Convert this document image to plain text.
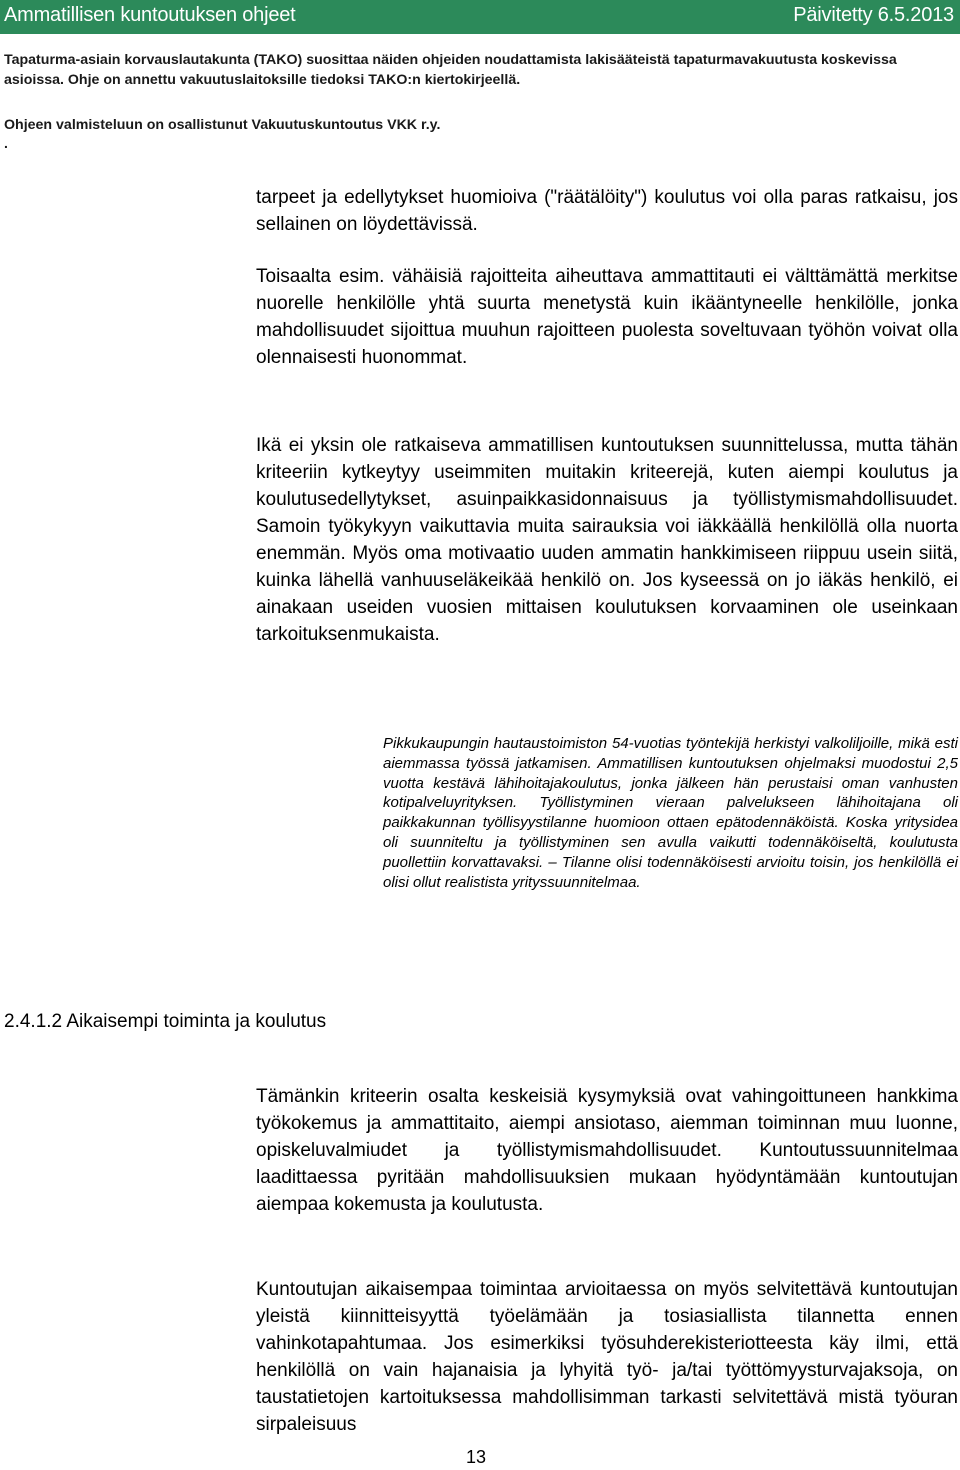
Ammatillisen kuntoutuksen ohjeet	Päivitetty 6.5.2013
Tapaturma-asiain korvauslautakunta (TAKO) suosittaa näiden ohjeiden noudattamista lakisääteistä tapaturmavakuutusta koskevissa asioissa. Ohje on annettu vakuutuslaitoksille tiedoksi TAKO:n kiertokirjeellä.
Ohjeen valmisteluun on osallistunut Vakuutuskuntoutus VKK r.y.
.
tarpeet ja edellytykset huomioiva ("räätälöity") koulutus voi olla paras ratkaisu, jos sellainen on löydettävissä.
Toisaalta esim. vähäisiä rajoitteita aiheuttava ammattitauti ei välttämättä merkitse nuorelle henkilölle yhtä suurta menetystä kuin ikääntyneelle henkilölle, jonka mahdollisuudet sijoittua muuhun rajoitteen puolesta soveltuvaan työhön voivat olla olennaisesti huonommat.
Ikä ei yksin ole ratkaiseva ammatillisen kuntoutuksen suunnittelussa, mutta tähän kriteeriin kytkeytyy useimmiten muitakin kriteerejä, kuten aiempi koulutus ja koulutusedellytykset, asuinpaikkasidonnaisuus ja työllistymismahdollisuudet. Samoin työkykyyn vaikuttavia muita sairauksia voi iäkkäällä henkilöllä olla nuorta enemmän. Myös oma motivaatio uuden ammatin hankkimiseen riippuu usein siitä, kuinka lähellä vanhuuseläkeikää henkilö on. Jos kyseessä on jo iäkäs henkilö, ei ainakaan useiden vuosien mittaisen koulutuksen korvaaminen ole useinkaan tarkoituksenmukaista.
Pikkukaupungin hautaustoimiston 54-vuotias työntekijä herkistyi valkoliljoille, mikä esti aiemmassa työssä jatkamisen. Ammatillisen kuntoutuksen ohjelmaksi muodostui 2,5 vuotta kestävä lähihoitajakoulutus, jonka jälkeen hän perustaisi oman vanhusten kotipalveluyrityksen. Työllistyminen vieraan palvelukseen lähihoitajana oli paikkakunnan työllisyystilanne huomioon ottaen epätodennäköistä. Koska yritysidea oli suunniteltu ja työllistyminen sen avulla vaikutti todennäköiseltä, koulutusta puollettiin korvattavaksi. – Tilanne olisi todennäköisesti arvioitu toisin, jos henkilöllä ei olisi ollut realistista yrityssuunnitelmaa.
2.4.1.2 Aikaisempi toiminta ja koulutus
Tämänkin kriteerin osalta keskeisiä kysymyksiä ovat vahingoittuneen hankkima työkokemus ja ammattitaito, aiempi ansiotaso, aiemman toiminnan muu luonne, opiskeluvalmiudet ja työllistymismahdollisuudet. Kuntoutussuunnitelmaa laadittaessa pyritään mahdollisuuksien mukaan hyödyntämään kuntoutujan aiempaa kokemusta ja koulutusta.
Kuntoutujan aikaisempaa toimintaa arvioitaessa on myös selvitettävä kuntoutujan yleistä kiinnitteisyyttä työelämään ja tosiasiallista tilannetta ennen vahinkotapahtumaa. Jos esimerkiksi työsuhderekisteriotteesta käy ilmi, että henkilöllä on vain hajanaisia ja lyhyitä työ- ja/tai työttömyysturvajaksoja, on taustatietojen kartoituksessa mahdollisimman tarkasti selvitettävä mistä työuran sirpaleisuus
13
